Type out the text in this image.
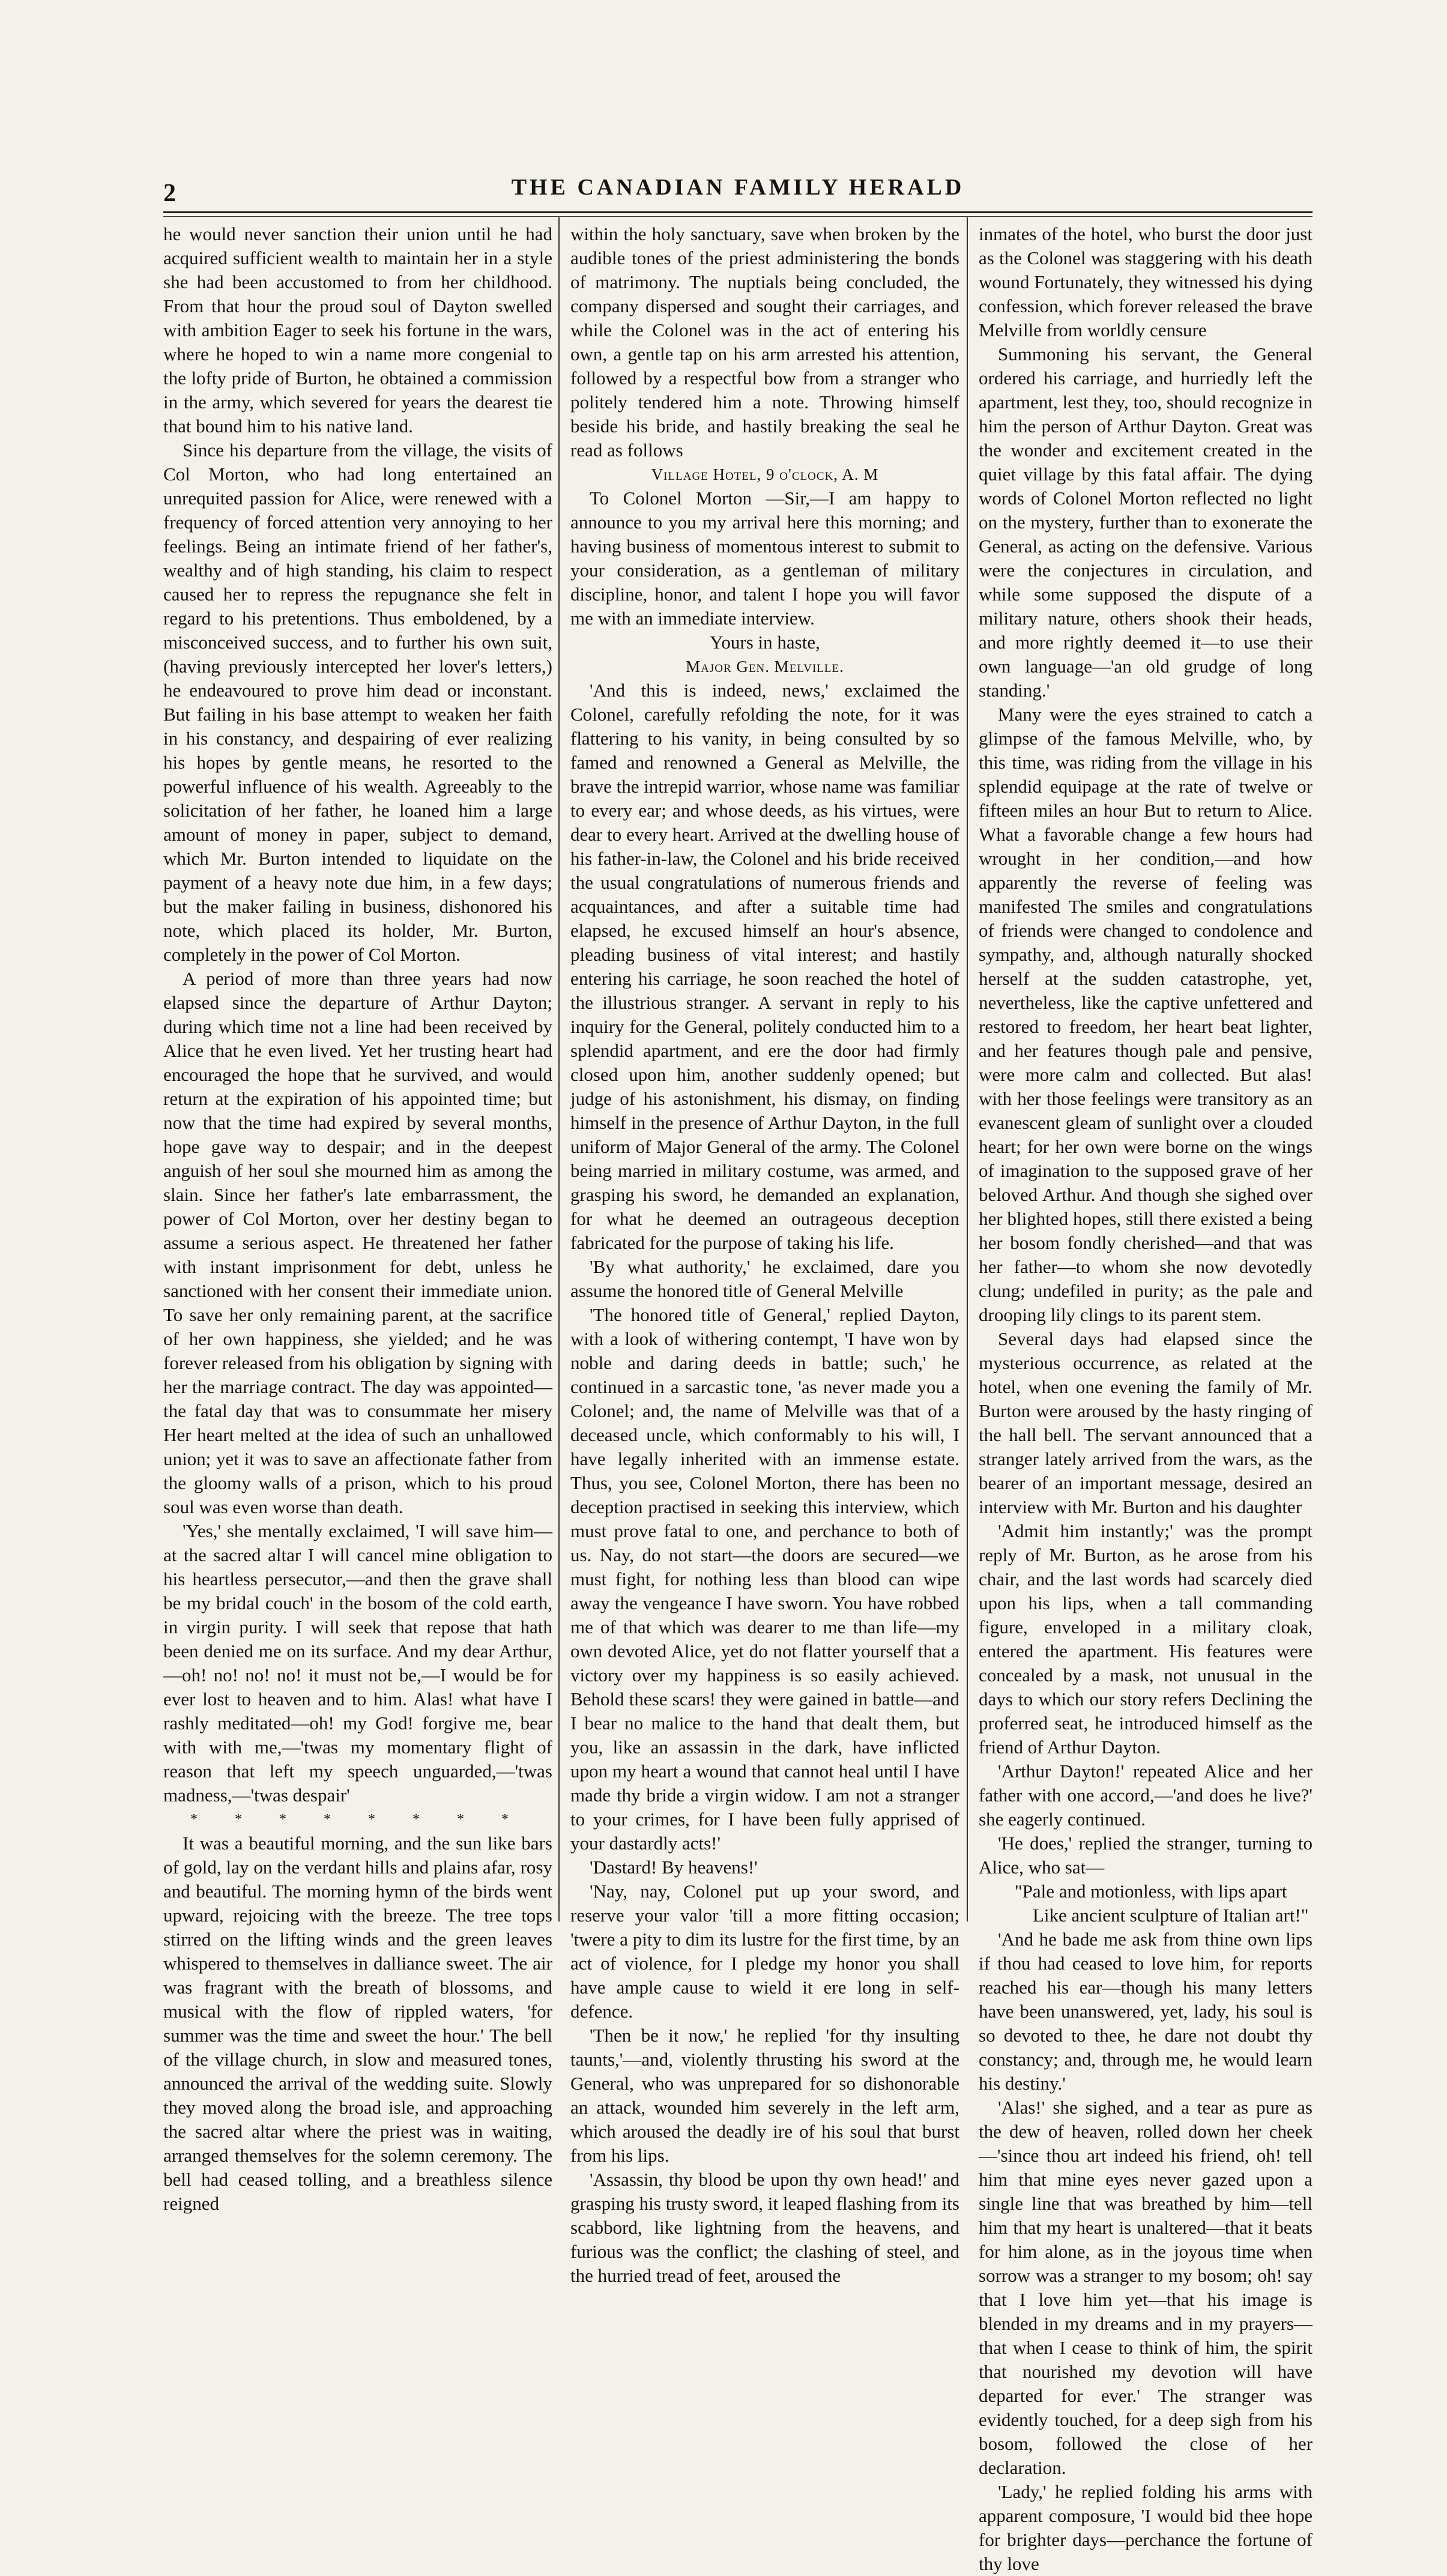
2	THE CANADIAN FAMILY HERALD

he would never sanction their union until he had acquired sufficient wealth to maintain her in a style she had been accustomed to from her childhood. From that hour the proud soul of Dayton swelled with ambition Eager to seek his fortune in the wars, where he hoped to win a name more congenial to the lofty pride of Burton, he obtained a commission in the army, which severed for years the dearest tie that bound him to his native land.

Since his departure from the village, the visits of Col Morton, who had long entertained an unrequited passion for Alice, were renewed with a frequency of forced attention very annoying to her feelings. Being an intimate friend of her father's, wealthy and of high standing, his claim to respect caused her to repress the repugnance she felt in regard to his pretentions. Thus emboldened, by a misconceived success, and to further his own suit, (having previously intercepted her lover's letters,) he endeavoured to prove him dead or inconstant. But failing in his base attempt to weaken her faith in his constancy, and despairing of ever realizing his hopes by gentle means, he resorted to the powerful influence of his wealth. Agreeably to the solicitation of her father, he loaned him a large amount of money in paper, subject to demand, which Mr. Burton intended to liquidate on the payment of a heavy note due him, in a few days; but the maker failing in business, dishonored his note, which placed its holder, Mr. Burton, completely in the power of Col Morton.

A period of more than three years had now elapsed since the departure of Arthur Dayton; during which time not a line had been received by Alice that he even lived. Yet her trusting heart had encouraged the hope that he survived, and would return at the expiration of his appointed time; but now that the time had expired by several months, hope gave way to despair; and in the deepest anguish of her soul she mourned him as among the slain. Since her father's late embarrassment, the power of Col Morton, over her destiny began to assume a serious aspect. He threatened her father with instant imprisonment for debt, unless he sanctioned with her consent their immediate union. To save her only remaining parent, at the sacrifice of her own happiness, she yielded; and he was forever released from his obligation by signing with her the marriage contract. The day was appointed—the fatal day that was to consummate her misery Her heart melted at the idea of such an unhallowed union; yet it was to save an affectionate father from the gloomy walls of a prison, which to his proud soul was even worse than death.

'Yes,' she mentally exclaimed, 'I will save him—at the sacred altar I will cancel mine obligation to his heartless persecutor,—and then the grave shall be my bridal couch' in the bosom of the cold earth, in virgin purity. I will seek that repose that hath been denied me on its surface. And my dear Arthur,—oh! no! no! no! it must not be,—I would be for ever lost to heaven and to him. Alas! what have I rashly meditated—oh! my God! forgive me, bear with with me,—'twas my momentary flight of reason that left my speech unguarded,—'twas madness,—'twas despair'

* * * * * * * *

It was a beautiful morning, and the sun like bars of gold, lay on the verdant hills and plains afar, rosy and beautiful. The morning hymn of the birds went upward, rejoicing with the breeze. The tree tops stirred on the lifting winds and the green leaves whispered to themselves in dalliance sweet. The air was fragrant with the breath of blossoms, and musical with the flow of rippled waters, 'for summer was the time and sweet the hour.' The bell of the village church, in slow and measured tones, announced the arrival of the wedding suite. Slowly they moved along the broad isle, and approaching the sacred altar where the priest was in waiting, arranged themselves for the solemn ceremony. The bell had ceased tolling, and a breathless silence reigned

within the holy sanctuary, save when broken by the audible tones of the priest administering the bonds of matrimony. The nuptials being concluded, the company dispersed and sought their carriages, and while the Colonel was in the act of entering his own, a gentle tap on his arm arrested his attention, followed by a respectful bow from a stranger who politely tendered him a note. Throwing himself beside his bride, and hastily breaking the seal he read as follows

Village Hotel, 9 o'clock, A. M

To Colonel Morton —Sir,—I am happy to announce to you my arrival here this morning; and having business of momentous interest to submit to your consideration, as a gentleman of military discipline, honor, and talent I hope you will favor me with an immediate interview.

Yours in haste,

Major Gen. Melville.

'And this is indeed, news,' exclaimed the Colonel, carefully refolding the note, for it was flattering to his vanity, in being consulted by so famed and renowned a General as Melville, the brave the intrepid warrior, whose name was familiar to every ear; and whose deeds, as his virtues, were dear to every heart. Arrived at the dwelling house of his father-in-law, the Colonel and his bride received the usual congratulations of numerous friends and acquaintances, and after a suitable time had elapsed, he excused himself an hour's absence, pleading business of vital interest; and hastily entering his carriage, he soon reached the hotel of the illustrious stranger. A servant in reply to his inquiry for the General, politely conducted him to a splendid apartment, and ere the door had firmly closed upon him, another suddenly opened; but judge of his astonishment, his dismay, on finding himself in the presence of Arthur Dayton, in the full uniform of Major General of the army. The Colonel being married in military costume, was armed, and grasping his sword, he demanded an explanation, for what he deemed an outrageous deception fabricated for the purpose of taking his life.

'By what authority,' he exclaimed, dare you assume the honored title of General Melville

'The honored title of General,' replied Dayton, with a look of withering contempt, 'I have won by noble and daring deeds in battle; such,' he continued in a sarcastic tone, 'as never made you a Colonel; and, the name of Melville was that of a deceased uncle, which conformably to his will, I have legally inherited with an immense estate. Thus, you see, Colonel Morton, there has been no deception practised in seeking this interview, which must prove fatal to one, and perchance to both of us. Nay, do not start—the doors are secured—we must fight, for nothing less than blood can wipe away the vengeance I have sworn. You have robbed me of that which was dearer to me than life—my own devoted Alice, yet do not flatter yourself that a victory over my happiness is so easily achieved. Behold these scars! they were gained in battle—and I bear no malice to the hand that dealt them, but you, like an assassin in the dark, have inflicted upon my heart a wound that cannot heal until I have made thy bride a virgin widow. I am not a stranger to your crimes, for I have been fully apprised of your dastardly acts!'

'Dastard! By heavens!'

'Nay, nay, Colonel put up your sword, and reserve your valor 'till a more fitting occasion; 'twere a pity to dim its lustre for the first time, by an act of violence, for I pledge my honor you shall have ample cause to wield it ere long in self-defence.

'Then be it now,' he replied 'for thy insulting taunts,'—and, violently thrusting his sword at the General, who was unprepared for so dishonorable an attack, wounded him severely in the left arm, which aroused the deadly ire of his soul that burst from his lips.

'Assassin, thy blood be upon thy own head!' and grasping his trusty sword, it leaped flashing from its scabbord, like lightning from the heavens, and furious was the conflict; the clashing of steel, and the hurried tread of feet, aroused the

inmates of the hotel, who burst the door just as the Colonel was staggering with his death wound Fortunately, they witnessed his dying confession, which forever released the brave Melville from worldly censure

Summoning his servant, the General ordered his carriage, and hurriedly left the apartment, lest they, too, should recognize in him the person of Arthur Dayton. Great was the wonder and excitement created in the quiet village by this fatal affair. The dying words of Colonel Morton reflected no light on the mystery, further than to exonerate the General, as acting on the defensive. Various were the conjectures in circulation, and while some supposed the dispute of a military nature, others shook their heads, and more rightly deemed it—to use their own language—'an old grudge of long standing.'

Many were the eyes strained to catch a glimpse of the famous Melville, who, by this time, was riding from the village in his splendid equipage at the rate of twelve or fifteen miles an hour But to return to Alice. What a favorable change a few hours had wrought in her condition,—and how apparently the reverse of feeling was manifested The smiles and congratulations of friends were changed to condolence and sympathy, and, although naturally shocked herself at the sudden catastrophe, yet, nevertheless, like the captive unfettered and restored to freedom, her heart beat lighter, and her features though pale and pensive, were more calm and collected. But alas! with her those feelings were transitory as an evanescent gleam of sunlight over a clouded heart; for her own were borne on the wings of imagination to the supposed grave of her beloved Arthur. And though she sighed over her blighted hopes, still there existed a being her bosom fondly cherished—and that was her father—to whom she now devotedly clung; undefiled in purity; as the pale and drooping lily clings to its parent stem.

Several days had elapsed since the mysterious occurrence, as related at the hotel, when one evening the family of Mr. Burton were aroused by the hasty ringing of the hall bell. The servant announced that a stranger lately arrived from the wars, as the bearer of an important message, desired an interview with Mr. Burton and his daughter

'Admit him instantly;' was the prompt reply of Mr. Burton, as he arose from his chair, and the last words had scarcely died upon his lips, when a tall commanding figure, enveloped in a military cloak, entered the apartment. His features were concealed by a mask, not unusual in the days to which our story refers Declining the proferred seat, he introduced himself as the friend of Arthur Dayton.

'Arthur Dayton!' repeated Alice and her father with one accord,—'and does he live?' she eagerly continued.

'He does,' replied the stranger, turning to Alice, who sat—

"Pale and motionless, with lips apart

Like ancient sculpture of Italian art!"

'And he bade me ask from thine own lips if thou had ceased to love him, for reports reached his ear—though his many letters have been unanswered, yet, lady, his soul is so devoted to thee, he dare not doubt thy constancy; and, through me, he would learn his destiny.'

'Alas!' she sighed, and a tear as pure as the dew of heaven, rolled down her cheek—'since thou art indeed his friend, oh! tell him that mine eyes never gazed upon a single line that was breathed by him—tell him that my heart is unaltered—that it beats for him alone, as in the joyous time when sorrow was a stranger to my bosom; oh! say that I love him yet—that his image is blended in my dreams and in my prayers—that when I cease to think of him, the spirit that nourished my devotion will have departed for ever.' The stranger was evidently touched, for a deep sigh from his bosom, followed the close of her declaration.

'Lady,' he replied folding his arms with apparent composure, 'I would bid thee hope for brighter days—perchance the fortune of thy love
